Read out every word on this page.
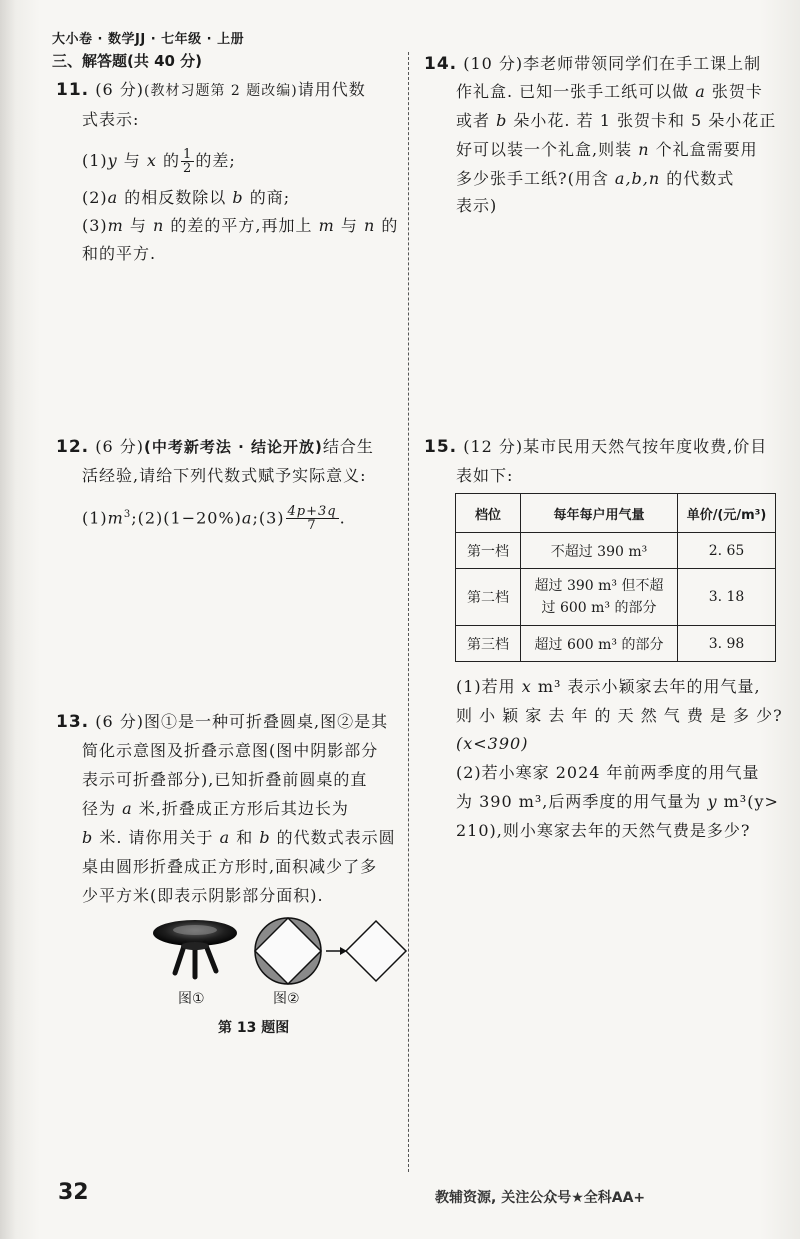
大小卷 · 数学JJ · 七年级 · 上册
三、解答题(共 40 分)
11. (6 分)(教材习题第 2 题改编)请用代数
式表示:
(1)y 与 x 的 $\frac{1}{2}$ 的差;
(2)a 的相反数除以 b 的商;
(3)m 与 n 的差的平方,再加上 m 与 n 的
和的平方.
12. (6 分)(中考新考法 · 结论开放)结合生
活经验,请给下列代数式赋予实际意义:
$(1)m^3;(2)(1-20\%)a;(3) \frac{4p+3q}{7}$ .
13. (6 分)图①是一种可折叠圆桌,图②是其
简化示意图及折叠示意图(图中阴影部分
表示可折叠部分),已知折叠前圆桌的直
径为 a 米,折叠成正方形后其边长为
b 米. 请你用关于 a 和 b 的代数式表示圆
桌由圆形折叠成正方形时,面积减少了多
少平方米(即表示阴影部分面积).
图①	图②
第 13 题图
14. (10 分)李老师带领同学们在手工课上制
作礼盒. 已知一张手工纸可以做 a 张贺卡
或者 b 朵小花. 若 1 张贺卡和 5 朵小花正
好可以装一个礼盒,则装 n 个礼盒需要用
多少张手工纸?(用含 a,b,n 的代数式
表示)
15. (12 分)某市民用天然气按年度收费,价目
表如下:
档位	每年每户用气量	单价/(元/m³)
第一档	不超过 390 m³	2. 65
第二档	超过 390 m³ 但不超
过 600 m³ 的部分	3. 18
第三档	超过 600 m³ 的部分	3. 98
(1)若用 x m³ 表示小颖家去年的用气量,
则 小 颖 家 去 年 的 天 然 气 费 是 多 少?
(x<390)
(2)若小寒家 2024 年前两季度的用气量
为 390 m³,后两季度的用气量为 y m³(y>
210),则小寒家去年的天然气费是多少?
32	教辅资源, 关注公众号★全科AA+
